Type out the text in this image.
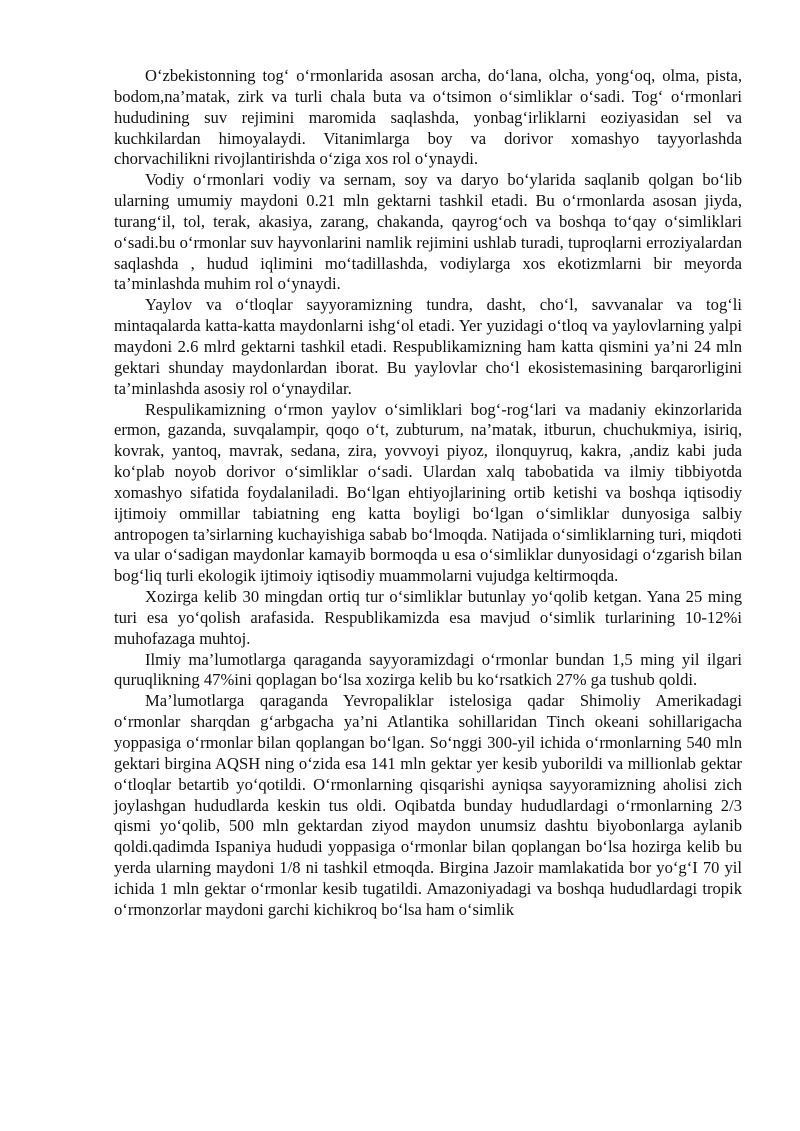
O‘zbekistonning tog‘ o‘rmonlarida asosan archa, do‘lana, olcha, yong‘oq, olma, pista, bodom,na’matak, zirk va turli chala buta va o‘tsimon o‘simliklar o‘sadi. Tog‘ o‘rmonlari hududining suv rejimini maromida saqlashda, yonbag‘irliklarni eoziyasidan sel va kuchkilardan himoyalaydi. Vitanimlarga boy va dorivor xomashyo tayyorlashda chorvachilikni rivojlantirishda o‘ziga xos rol o‘ynaydi.

Vodiy o‘rmonlari vodiy va sernam, soy va daryo bo‘ylarida saqlanib qolgan bo‘lib ularning umumiy maydoni 0.21 mln gektarni tashkil etadi. Bu o‘rmonlarda asosan jiyda, turang‘il, tol, terak, akasiya, zarang, chakanda, qayrog‘och va boshqa to‘qay o‘simliklari o‘sadi.bu o‘rmonlar suv hayvonlarini namlik rejimini ushlab turadi, tuproqlarni erroziyalardan saqlashda , hudud iqlimini mo‘tadillashda, vodiylarga xos ekotizmlarni bir meyorda ta’minlashda muhim rol o‘ynaydi.

Yaylov va o‘tloqlar sayyoramizning tundra, dasht, cho‘l, savvanalar va tog‘li mintaqalarda katta-katta maydonlarni ishg‘ol etadi. Yer yuzidagi o‘tloq va yaylovlarning yalpi maydoni 2.6 mlrd gektarni tashkil etadi. Respublikamizning ham katta qismini ya’ni 24 mln gektari shunday maydonlardan iborat. Bu yaylovlar cho‘l ekosistemasining barqarorligini ta’minlashda asosiy rol o‘ynaydilar.

Respulikamizning o‘rmon yaylov o‘simliklari bog‘-rog‘lari va madaniy ekinzorlarida ermon, gazanda, suvqalampir, qoqo o‘t, zubturum, na’matak, itburun, chuchukmiya, isiriq, kovrak, yantoq, mavrak, sedana, zira, yovvoyi piyoz, ilonquyruq, kakra, ,andiz kabi juda ko‘plab noyob dorivor o‘simliklar o‘sadi. Ulardan xalq tabobatida va ilmiy tibbiyotda xomashyo sifatida foydalaniladi. Bo‘lgan ehtiyojlarining ortib ketishi va boshqa iqtisodiy ijtimoiy ommillar tabiatning eng katta boyligi bo‘lgan o‘simliklar dunyosiga salbiy antropogen ta’sirlarning kuchayishiga sabab bo‘lmoqda. Natijada o‘simliklarning turi, miqdoti va ular o‘sadigan maydonlar kamayib bormoqda u esa o‘simliklar dunyosidagi o‘zgarish bilan bog‘liq turli ekologik ijtimoiy iqtisodiy muammolarni vujudga keltirmoqda.

Xozirga kelib 30 mingdan ortiq tur o‘simliklar butunlay yo‘qolib ketgan. Yana 25 ming turi esa yo‘qolish arafasida. Respublikamizda esa mavjud o‘simlik turlarining 10-12%i muhofazaga muhtoj.

Ilmiy ma’lumotlarga qaraganda sayyoramizdagi o‘rmonlar bundan 1,5 ming yil ilgari quruqlikning 47%ini qoplagan bo‘lsa xozirga kelib bu ko‘rsatkich 27% ga tushub qoldi.

Ma’lumotlarga qaraganda Yevropaliklar istelosiga qadar Shimoliy Amerikadagi o‘rmonlar sharqdan g‘arbgacha ya’ni Atlantika sohillaridan Tinch okeani sohillarigacha yoppasiga o‘rmonlar bilan qoplangan bo‘lgan. So‘nggi 300-yil ichida o‘rmonlarning 540 mln gektari birgina AQSH ning o‘zida esa 141 mln gektar yer kesib yuborildi va millionlab gektar o‘tloqlar betartib yo‘qotildi. O‘rmonlarning qisqarishi ayniqsa sayyoramizning aholisi zich joylashgan hududlarda keskin tus oldi. Oqibatda bunday hududlardagi o‘rmonlarning 2/3 qismi yo‘qolib, 500 mln gektardan ziyod maydon unumsiz dashtu biyobonlarga aylanib qoldi.qadimda Ispaniya hududi yoppasiga o‘rmonlar bilan qoplangan bo‘lsa hozirga kelib bu yerda ularning maydoni 1/8 ni tashkil etmoqda. Birgina Jazoir mamlakatida bor yo‘g‘I 70 yil ichida 1 mln gektar o‘rmonlar kesib tugatildi. Amazoniyadagi va boshqa hududlardagi tropik o‘rmonzorlar maydoni garchi kichikroq bo‘lsa ham o‘simlik
